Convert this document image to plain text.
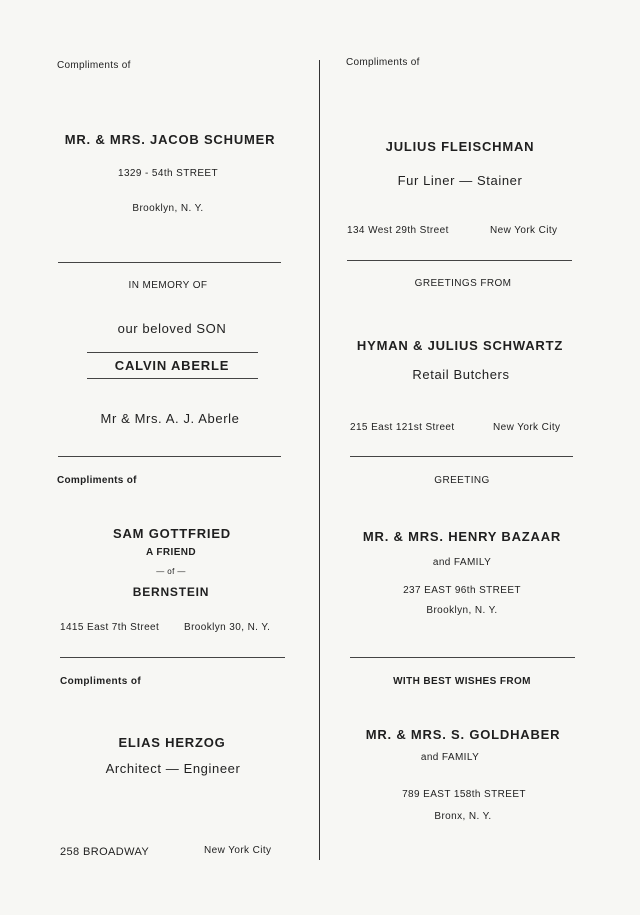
Compliments of
MR. & MRS. JACOB SCHUMER
1329 - 54th STREET
Brooklyn, N. Y.
IN MEMORY OF
our beloved SON
CALVIN ABERLE
Mr & Mrs. A. J. Aberle
Compliments of
SAM GOTTFRIED
A FRIEND
— of —
BERNSTEIN
1415 East 7th Street Brooklyn 30, N. Y.
Compliments of
ELIAS HERZOG
Architect — Engineer
258 BROADWAY	New York City
Compliments of
JULIUS FLEISCHMAN
Fur Liner — Stainer
134 West 29th Street	New York City
GREETINGS FROM
HYMAN & JULIUS SCHWARTZ
Retail Butchers
215 East 121st Street	New York City
GREETING
MR. & MRS. HENRY BAZAAR
and FAMILY
237 EAST 96th STREET
Brooklyn, N. Y.
WITH BEST WISHES FROM
MR. & MRS. S. GOLDHABER
and FAMILY
789 EAST 158th STREET
Bronx, N. Y.
